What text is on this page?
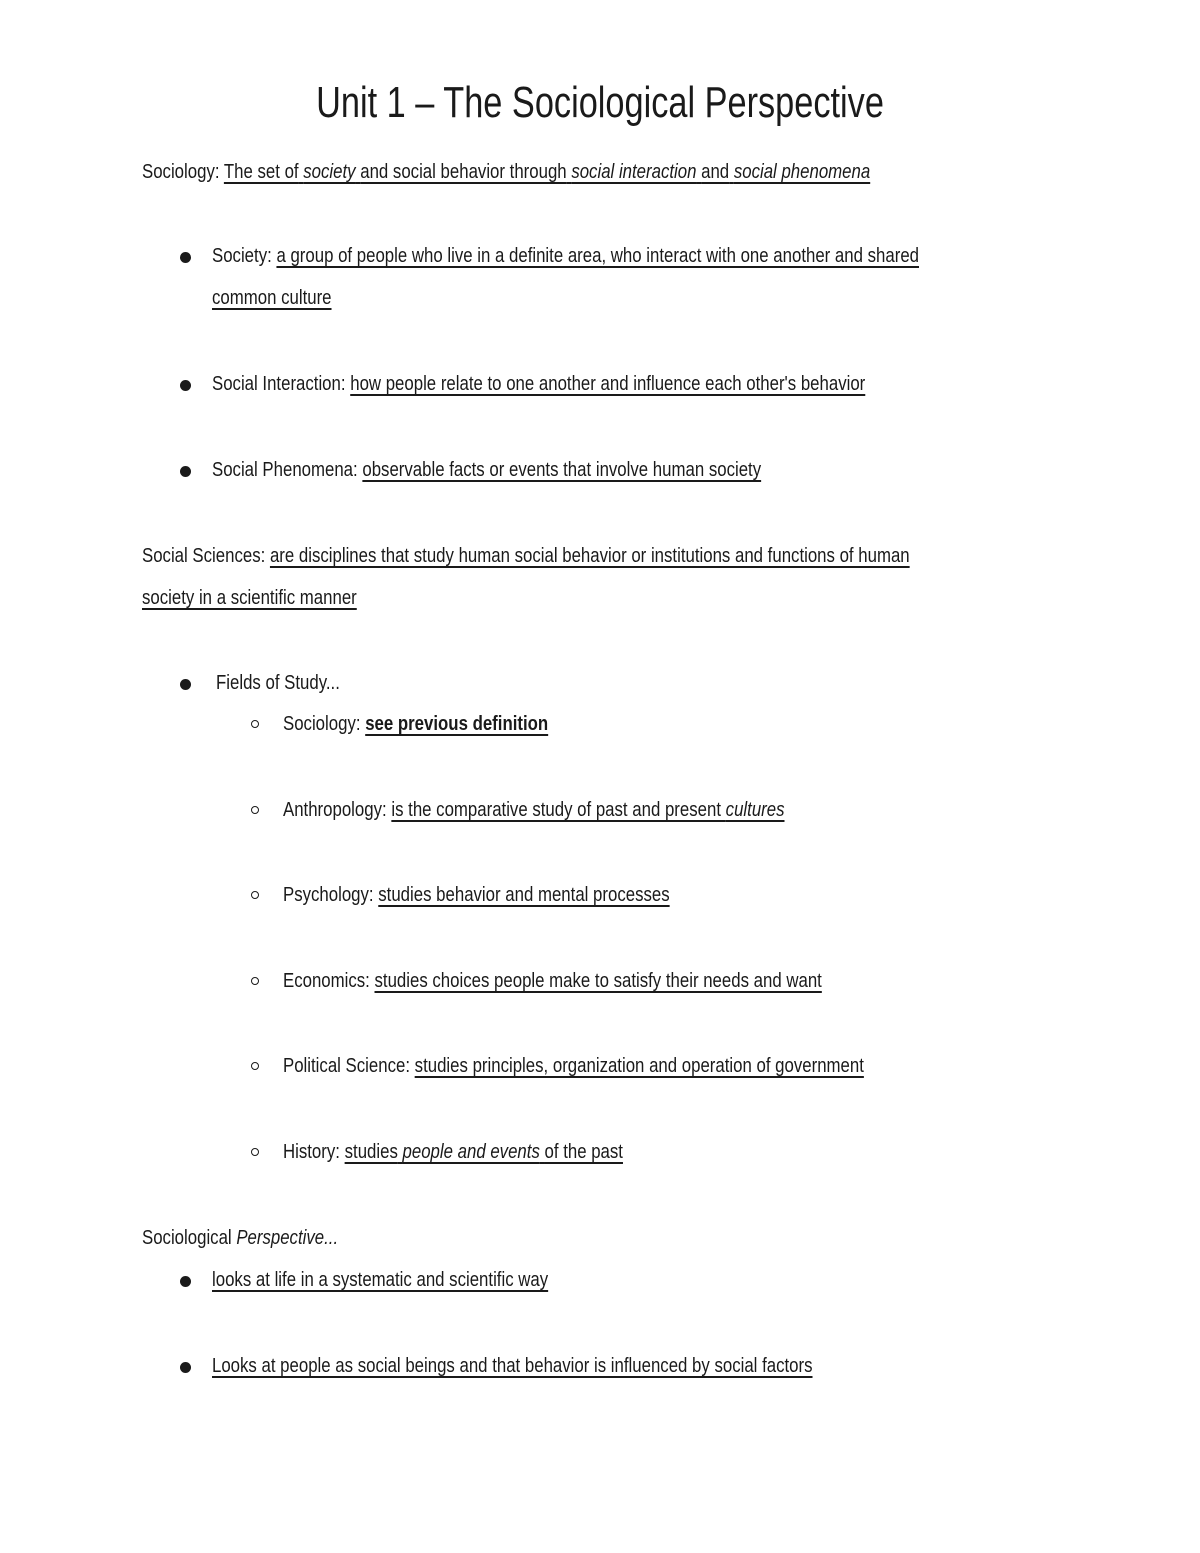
Unit 1 – The Sociological Perspective
Sociology: The set of society and social behavior through social interaction and social phenomena
Society: a group of people who live in a definite area, who interact with one another and shared
common culture
Social Interaction: how people relate to one another and influence each other's behavior
Social Phenomena: observable facts or events that involve human society
Social Sciences: are disciplines that study human social behavior or institutions and functions of human
society in a scientific manner
Fields of Study...
Sociology: see previous definition
Anthropology: is the comparative study of past and present cultures
Psychology: studies behavior and mental processes
Economics: studies choices people make to satisfy their needs and want
Political Science: studies principles, organization and operation of government
History: studies people and events of the past
Sociological Perspective...
looks at life in a systematic and scientific way
Looks at people as social beings and that behavior is influenced by social factors
